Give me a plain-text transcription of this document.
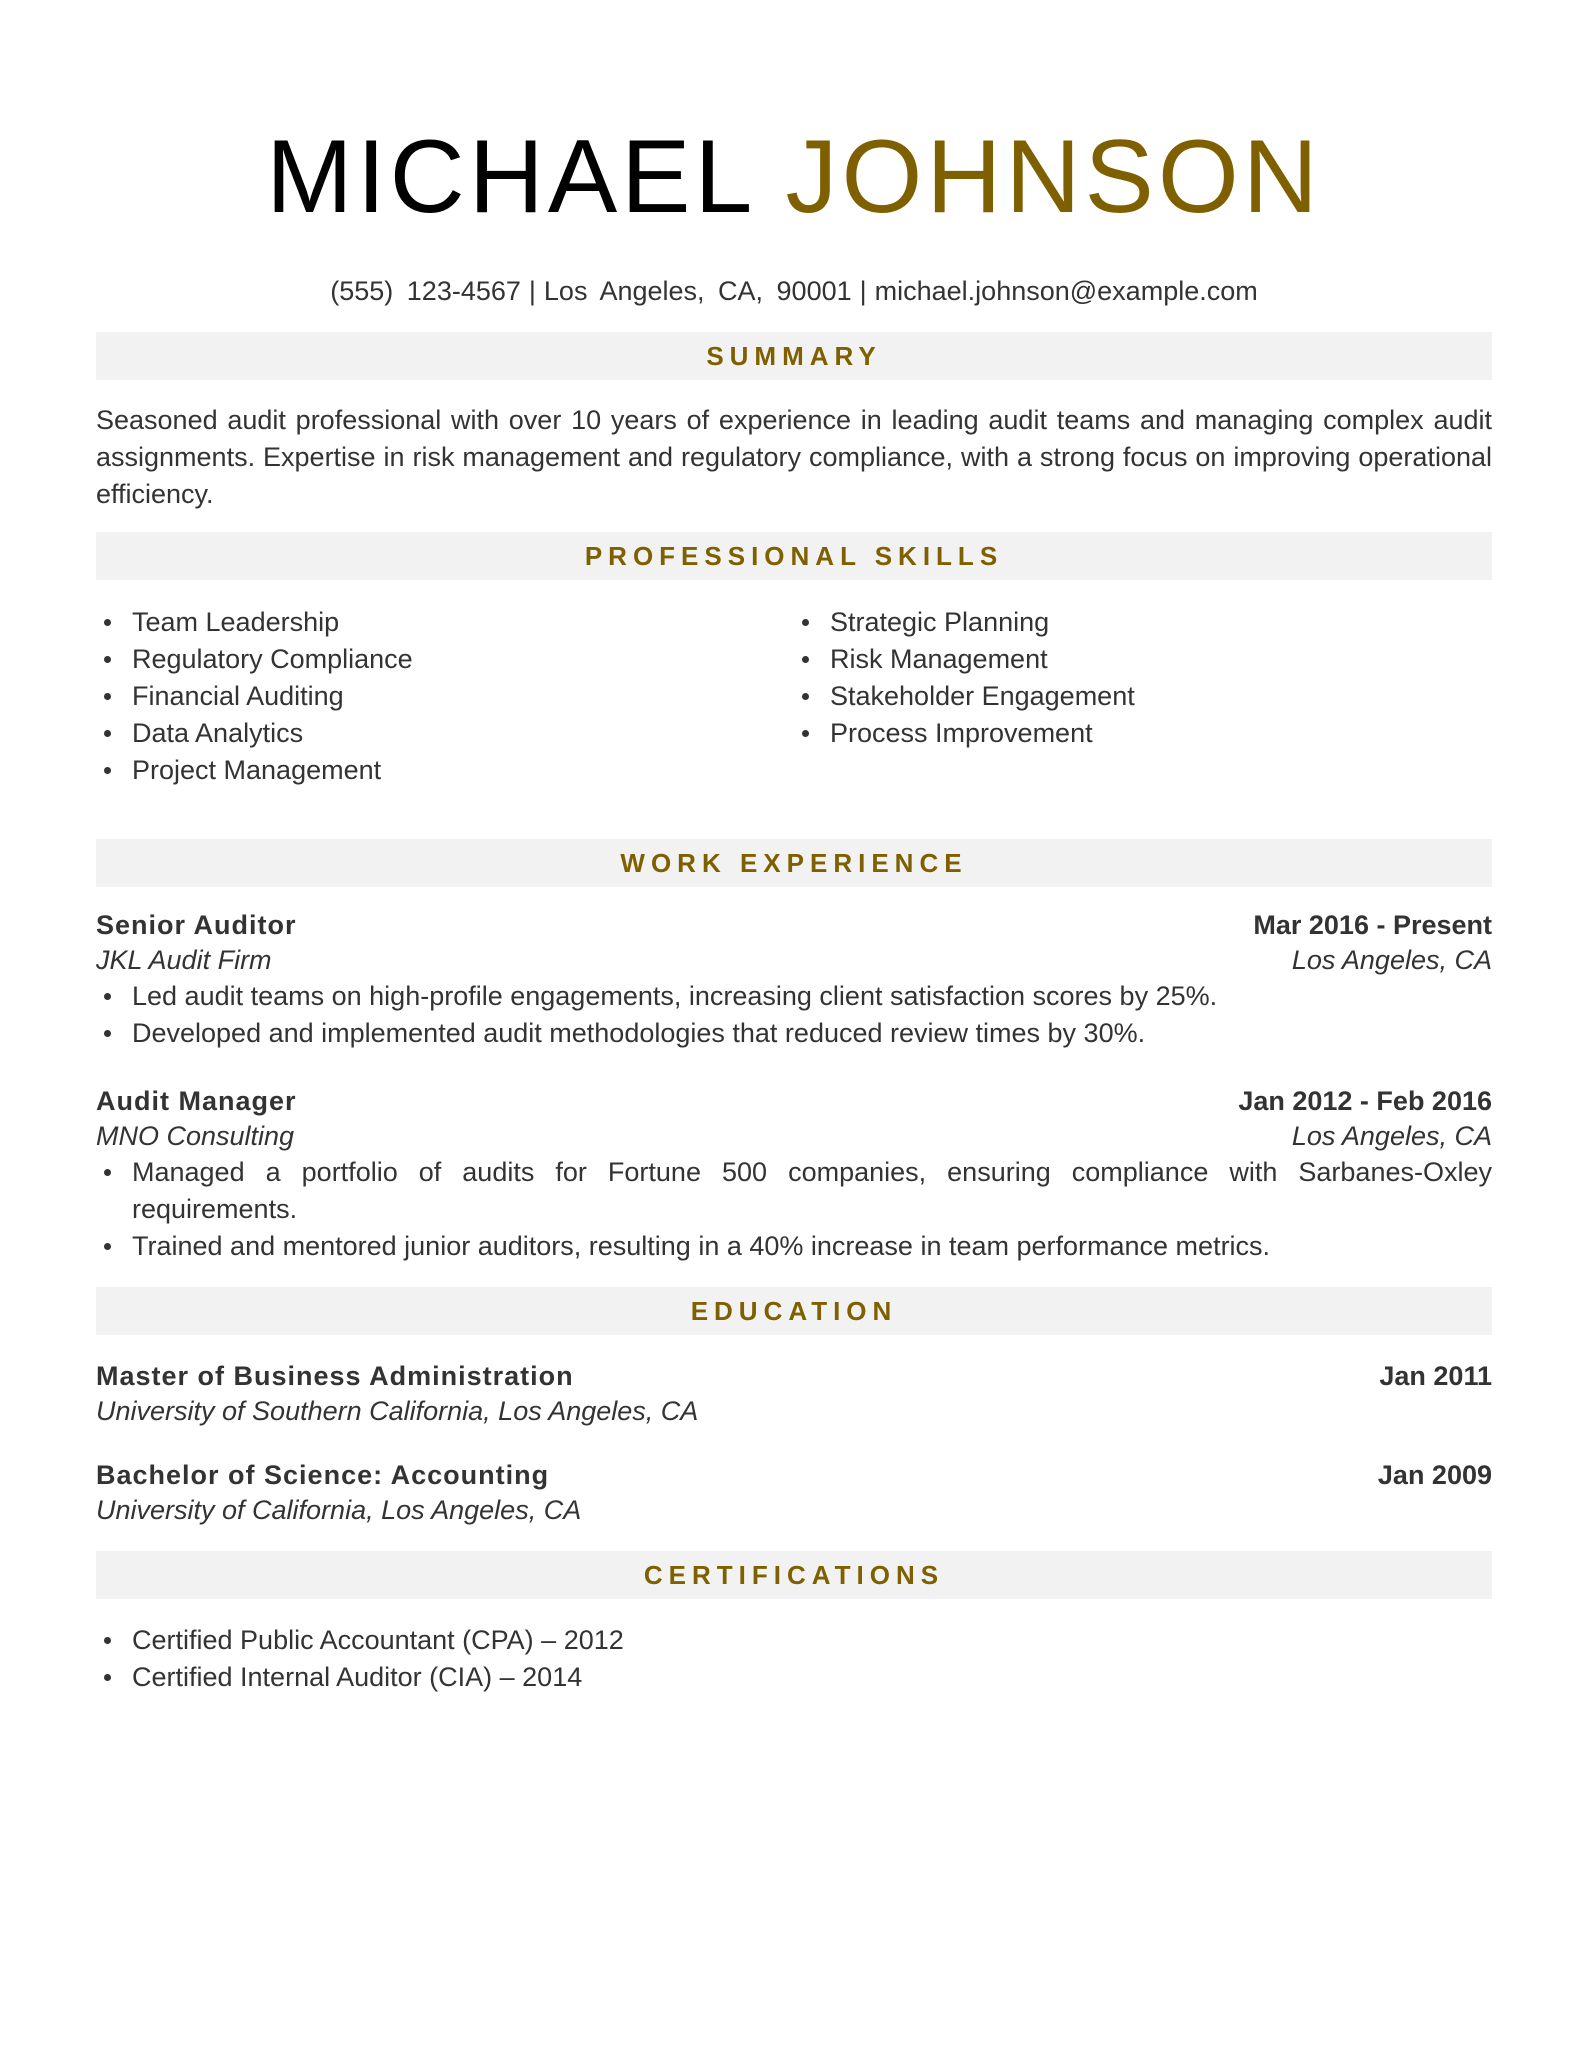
MICHAEL JOHNSON
(555) 123-4567 | Los Angeles, CA, 90001 | michael.johnson@example.com
SUMMARY

Seasoned audit professional with over 10 years of experience in leading audit teams and managing complex audit assignments. Expertise in risk management and regulatory compliance, with a strong focus on improving operational efficiency.

PROFESSIONAL SKILLS
Team Leadership
Regulatory Compliance
Financial Auditing
Data Analytics
Project Management
Strategic Planning
Risk Management
Stakeholder Engagement
Process Improvement
WORK EXPERIENCE
Senior Auditor	Mar 2016 - Present
JKL Audit Firm	Los Angeles, CA
Led audit teams on high-profile engagements, increasing client satisfaction scores by 25%.
Developed and implemented audit methodologies that reduced review times by 30%.
Audit Manager	Jan 2012 - Feb 2016
MNO Consulting	Los Angeles, CA
Managed a portfolio of audits for Fortune 500 companies, ensuring compliance with Sarbanes-Oxley requirements.
Trained and mentored junior auditors, resulting in a 40% increase in team performance metrics.
EDUCATION
Master of Business Administration	Jan 2011
University of Southern California, Los Angeles, CA
Bachelor of Science: Accounting	Jan 2009
University of California, Los Angeles, CA
CERTIFICATIONS
Certified Public Accountant (CPA) – 2012
Certified Internal Auditor (CIA) – 2014
